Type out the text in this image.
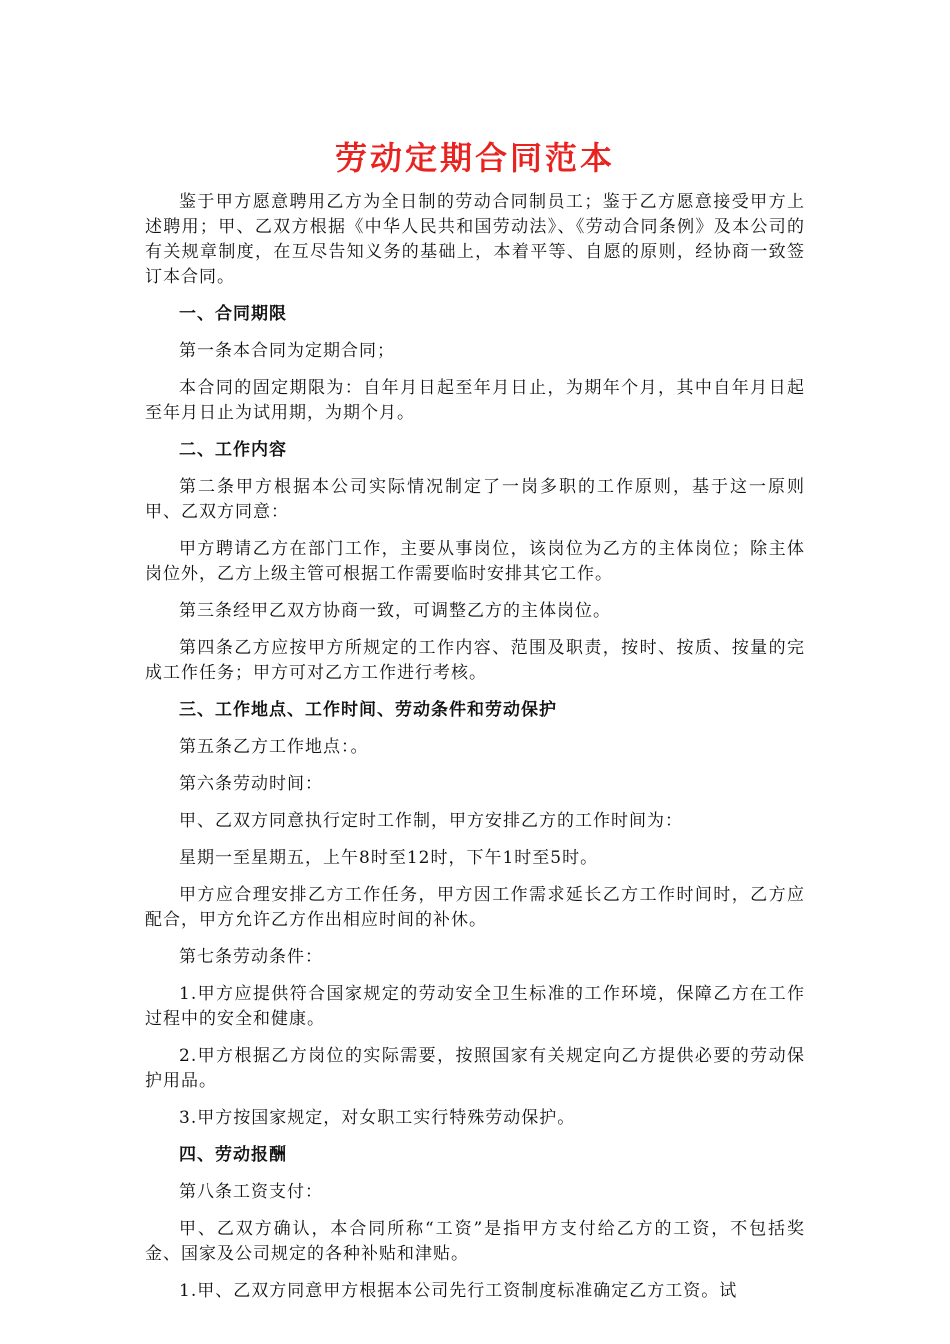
劳动定期合同范本

鉴于甲方愿意聘用乙方为全日制的劳动合同制员工；鉴于乙方愿意接受甲方上述聘用；甲、乙双方根据《中华人民共和国劳动法》、《劳动合同条例》及本公司的有关规章制度，在互尽告知义务的基础上，本着平等、自愿的原则，经协商一致签订本合同。

一、合同期限

第一条本合同为定期合同；

本合同的固定期限为：自年月日起至年月日止，为期年个月，其中自年月日起至年月日止为试用期，为期个月。

二、工作内容

第二条甲方根据本公司实际情况制定了一岗多职的工作原则，基于这一原则甲、乙双方同意：

甲方聘请乙方在部门工作，主要从事岗位，该岗位为乙方的主体岗位；除主体岗位外，乙方上级主管可根据工作需要临时安排其它工作。

第三条经甲乙双方协商一致，可调整乙方的主体岗位。

第四条乙方应按甲方所规定的工作内容、范围及职责，按时、按质、按量的完成工作任务；甲方可对乙方工作进行考核。

三、工作地点、工作时间、劳动条件和劳动保护

第五条乙方工作地点：。

第六条劳动时间：

甲、乙双方同意执行定时工作制，甲方安排乙方的工作时间为：

星期一至星期五，上午8时至12时，下午1时至5时。

甲方应合理安排乙方工作任务，甲方因工作需求延长乙方工作时间时，乙方应配合，甲方允许乙方作出相应时间的补休。

第七条劳动条件：

1.甲方应提供符合国家规定的劳动安全卫生标准的工作环境，保障乙方在工作过程中的安全和健康。

2.甲方根据乙方岗位的实际需要，按照国家有关规定向乙方提供必要的劳动保护用品。

3.甲方按国家规定，对女职工实行特殊劳动保护。

四、劳动报酬

第八条工资支付：

甲、乙双方确认，本合同所称“工资”是指甲方支付给乙方的工资，不包括奖金、国家及公司规定的各种补贴和津贴。

1.甲、乙双方同意甲方根据本公司先行工资制度标准确定乙方工资。试
